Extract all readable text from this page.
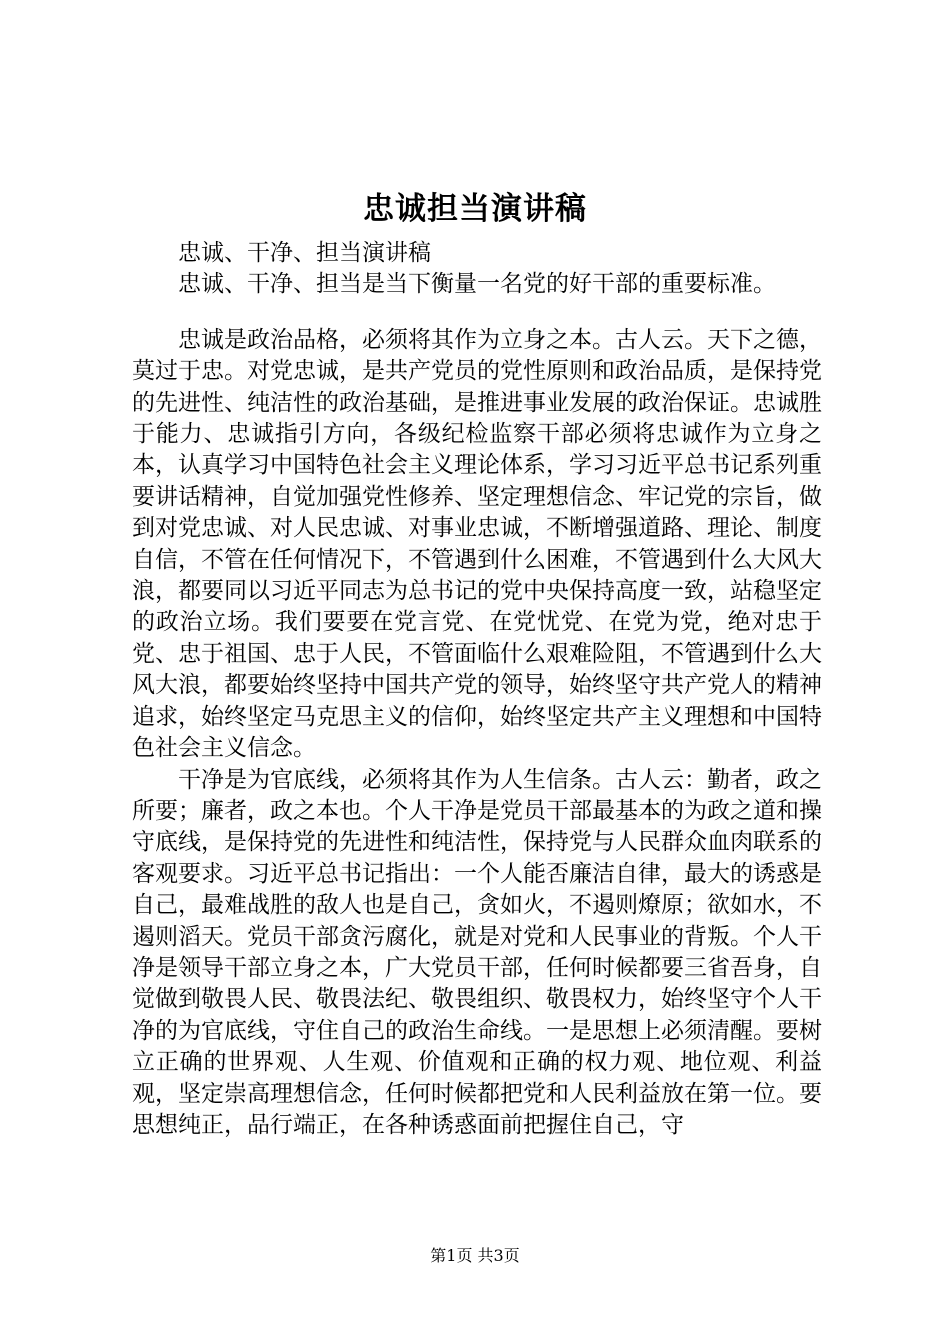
忠诚担当演讲稿

忠诚、干净、担当演讲稿

忠诚、干净、担当是当下衡量一名党的好干部的重要标准。

忠诚是政治品格，必须将其作为立身之本。古人云。天下之德，莫过于忠。对党忠诚，是共产党员的党性原则和政治品质，是保持党的先进性、纯洁性的政治基础，是推进事业发展的政治保证。忠诚胜于能力、忠诚指引方向，各级纪检监察干部必须将忠诚作为立身之本，认真学习中国特色社会主义理论体系，学习习近平总书记系列重要讲话精神，自觉加强党性修养、坚定理想信念、牢记党的宗旨，做到对党忠诚、对人民忠诚、对事业忠诚，不断增强道路、理论、制度自信，不管在任何情况下，不管遇到什么困难，不管遇到什么大风大浪，都要同以习近平同志为总书记的党中央保持高度一致，站稳坚定的政治立场。我们要要在党言党、在党忧党、在党为党，绝对忠于党、忠于祖国、忠于人民，不管面临什么艰难险阻，不管遇到什么大风大浪，都要始终坚持中国共产党的领导，始终坚守共产党人的精神追求，始终坚定马克思主义的信仰，始终坚定共产主义理想和中国特色社会主义信念。

干净是为官底线，必须将其作为人生信条。古人云：勤者，政之所要；廉者，政之本也。个人干净是党员干部最基本的为政之道和操守底线，是保持党的先进性和纯洁性，保持党与人民群众血肉联系的客观要求。习近平总书记指出：一个人能否廉洁自律，最大的诱惑是自己，最难战胜的敌人也是自己，贪如火，不遏则燎原；欲如水，不遏则滔天。党员干部贪污腐化，就是对党和人民事业的背叛。个人干净是领导干部立身之本，广大党员干部，任何时候都要三省吾身，自觉做到敬畏人民、敬畏法纪、敬畏组织、敬畏权力，始终坚守个人干净的为官底线，守住自己的政治生命线。一是思想上必须清醒。要树立正确的世界观、人生观、价值观和正确的权力观、地位观、利益观，坚定崇高理想信念，任何时候都把党和人民利益放在第一位。要思想纯正，品行端正，在各种诱惑面前把握住自己，守

第1页 共3页
